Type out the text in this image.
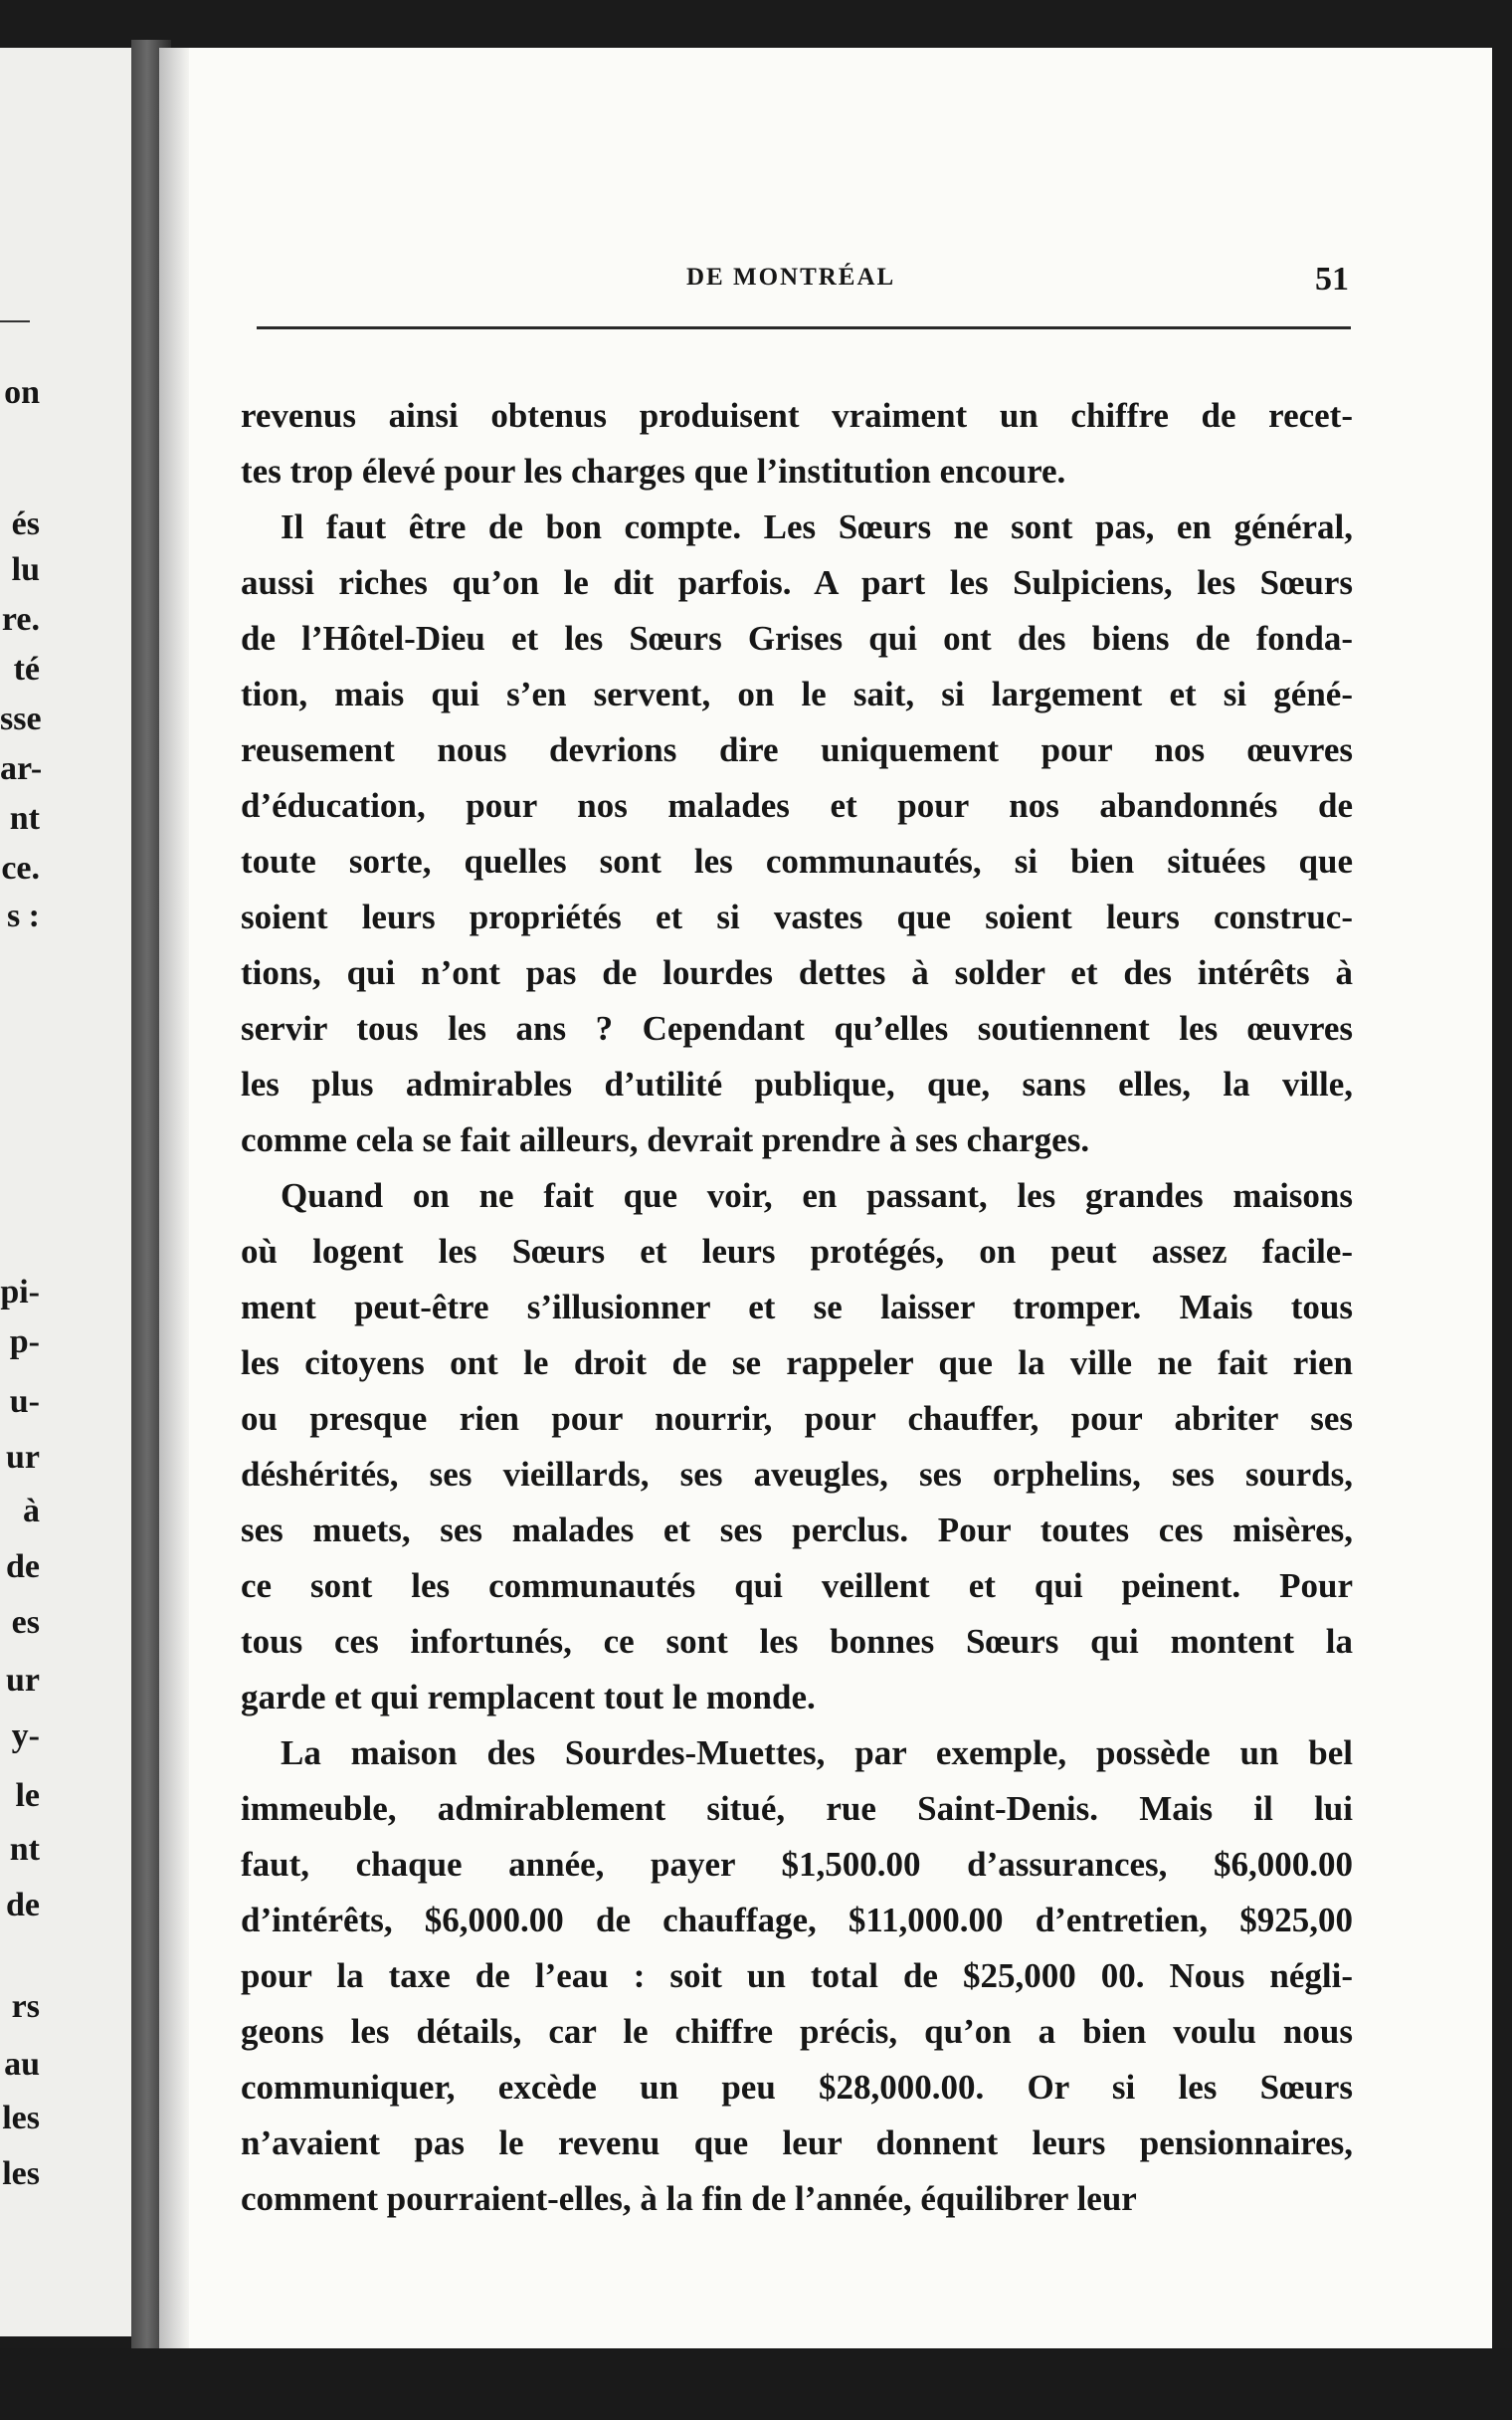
on
és
lu
re.
té
sse
ar-
nt
ce.
s :
pi-
p-
u-
ur
à
de
es
ur
y-
le
nt
de
rs
au
les
les
DE MONTRÉAL	51
revenus ainsi obtenus produisent vraiment un chiffre de recet-
tes trop élevé pour les charges que l’institution encoure.
Il faut être de bon compte. Les Sœurs ne sont pas, en général,
aussi riches qu’on le dit parfois. A part les Sulpiciens, les Sœurs
de l’Hôtel-Dieu et les Sœurs Grises qui ont des biens de fonda-
tion, mais qui s’en servent, on le sait, si largement et si géné-
reusement nous devrions dire uniquement pour nos œuvres
d’éducation, pour nos malades et pour nos abandonnés de
toute sorte, quelles sont les communautés, si bien situées que
soient leurs propriétés et si vastes que soient leurs construc-
tions, qui n’ont pas de lourdes dettes à solder et des intérêts à
servir tous les ans ? Cependant qu’elles soutiennent les œuvres
les plus admirables d’utilité publique, que, sans elles, la ville,
comme cela se fait ailleurs, devrait prendre à ses charges.
Quand on ne fait que voir, en passant, les grandes maisons
où logent les Sœurs et leurs protégés, on peut assez facile-
ment peut-être s’illusionner et se laisser tromper. Mais tous
les citoyens ont le droit de se rappeler que la ville ne fait rien
ou presque rien pour nourrir, pour chauffer, pour abriter ses
déshérités, ses vieillards, ses aveugles, ses orphelins, ses sourds,
ses muets, ses malades et ses perclus. Pour toutes ces misères,
ce sont les communautés qui veillent et qui peinent. Pour
tous ces infortunés, ce sont les bonnes Sœurs qui montent la
garde et qui remplacent tout le monde.
La maison des Sourdes-Muettes, par exemple, possède un bel
immeuble, admirablement situé, rue Saint-Denis. Mais il lui
faut, chaque année, payer $1,500.00 d’assurances, $6,000.00
d’intérêts, $6,000.00 de chauffage, $11,000.00 d’entretien, $925,00
pour la taxe de l’eau : soit un total de $25,000 00. Nous négli-
geons les détails, car le chiffre précis, qu’on a bien voulu nous
communiquer, excède un peu $28,000.00. Or si les Sœurs
n’avaient pas le revenu que leur donnent leurs pensionnaires,
comment pourraient-elles, à la fin de l’année, équilibrer leur
